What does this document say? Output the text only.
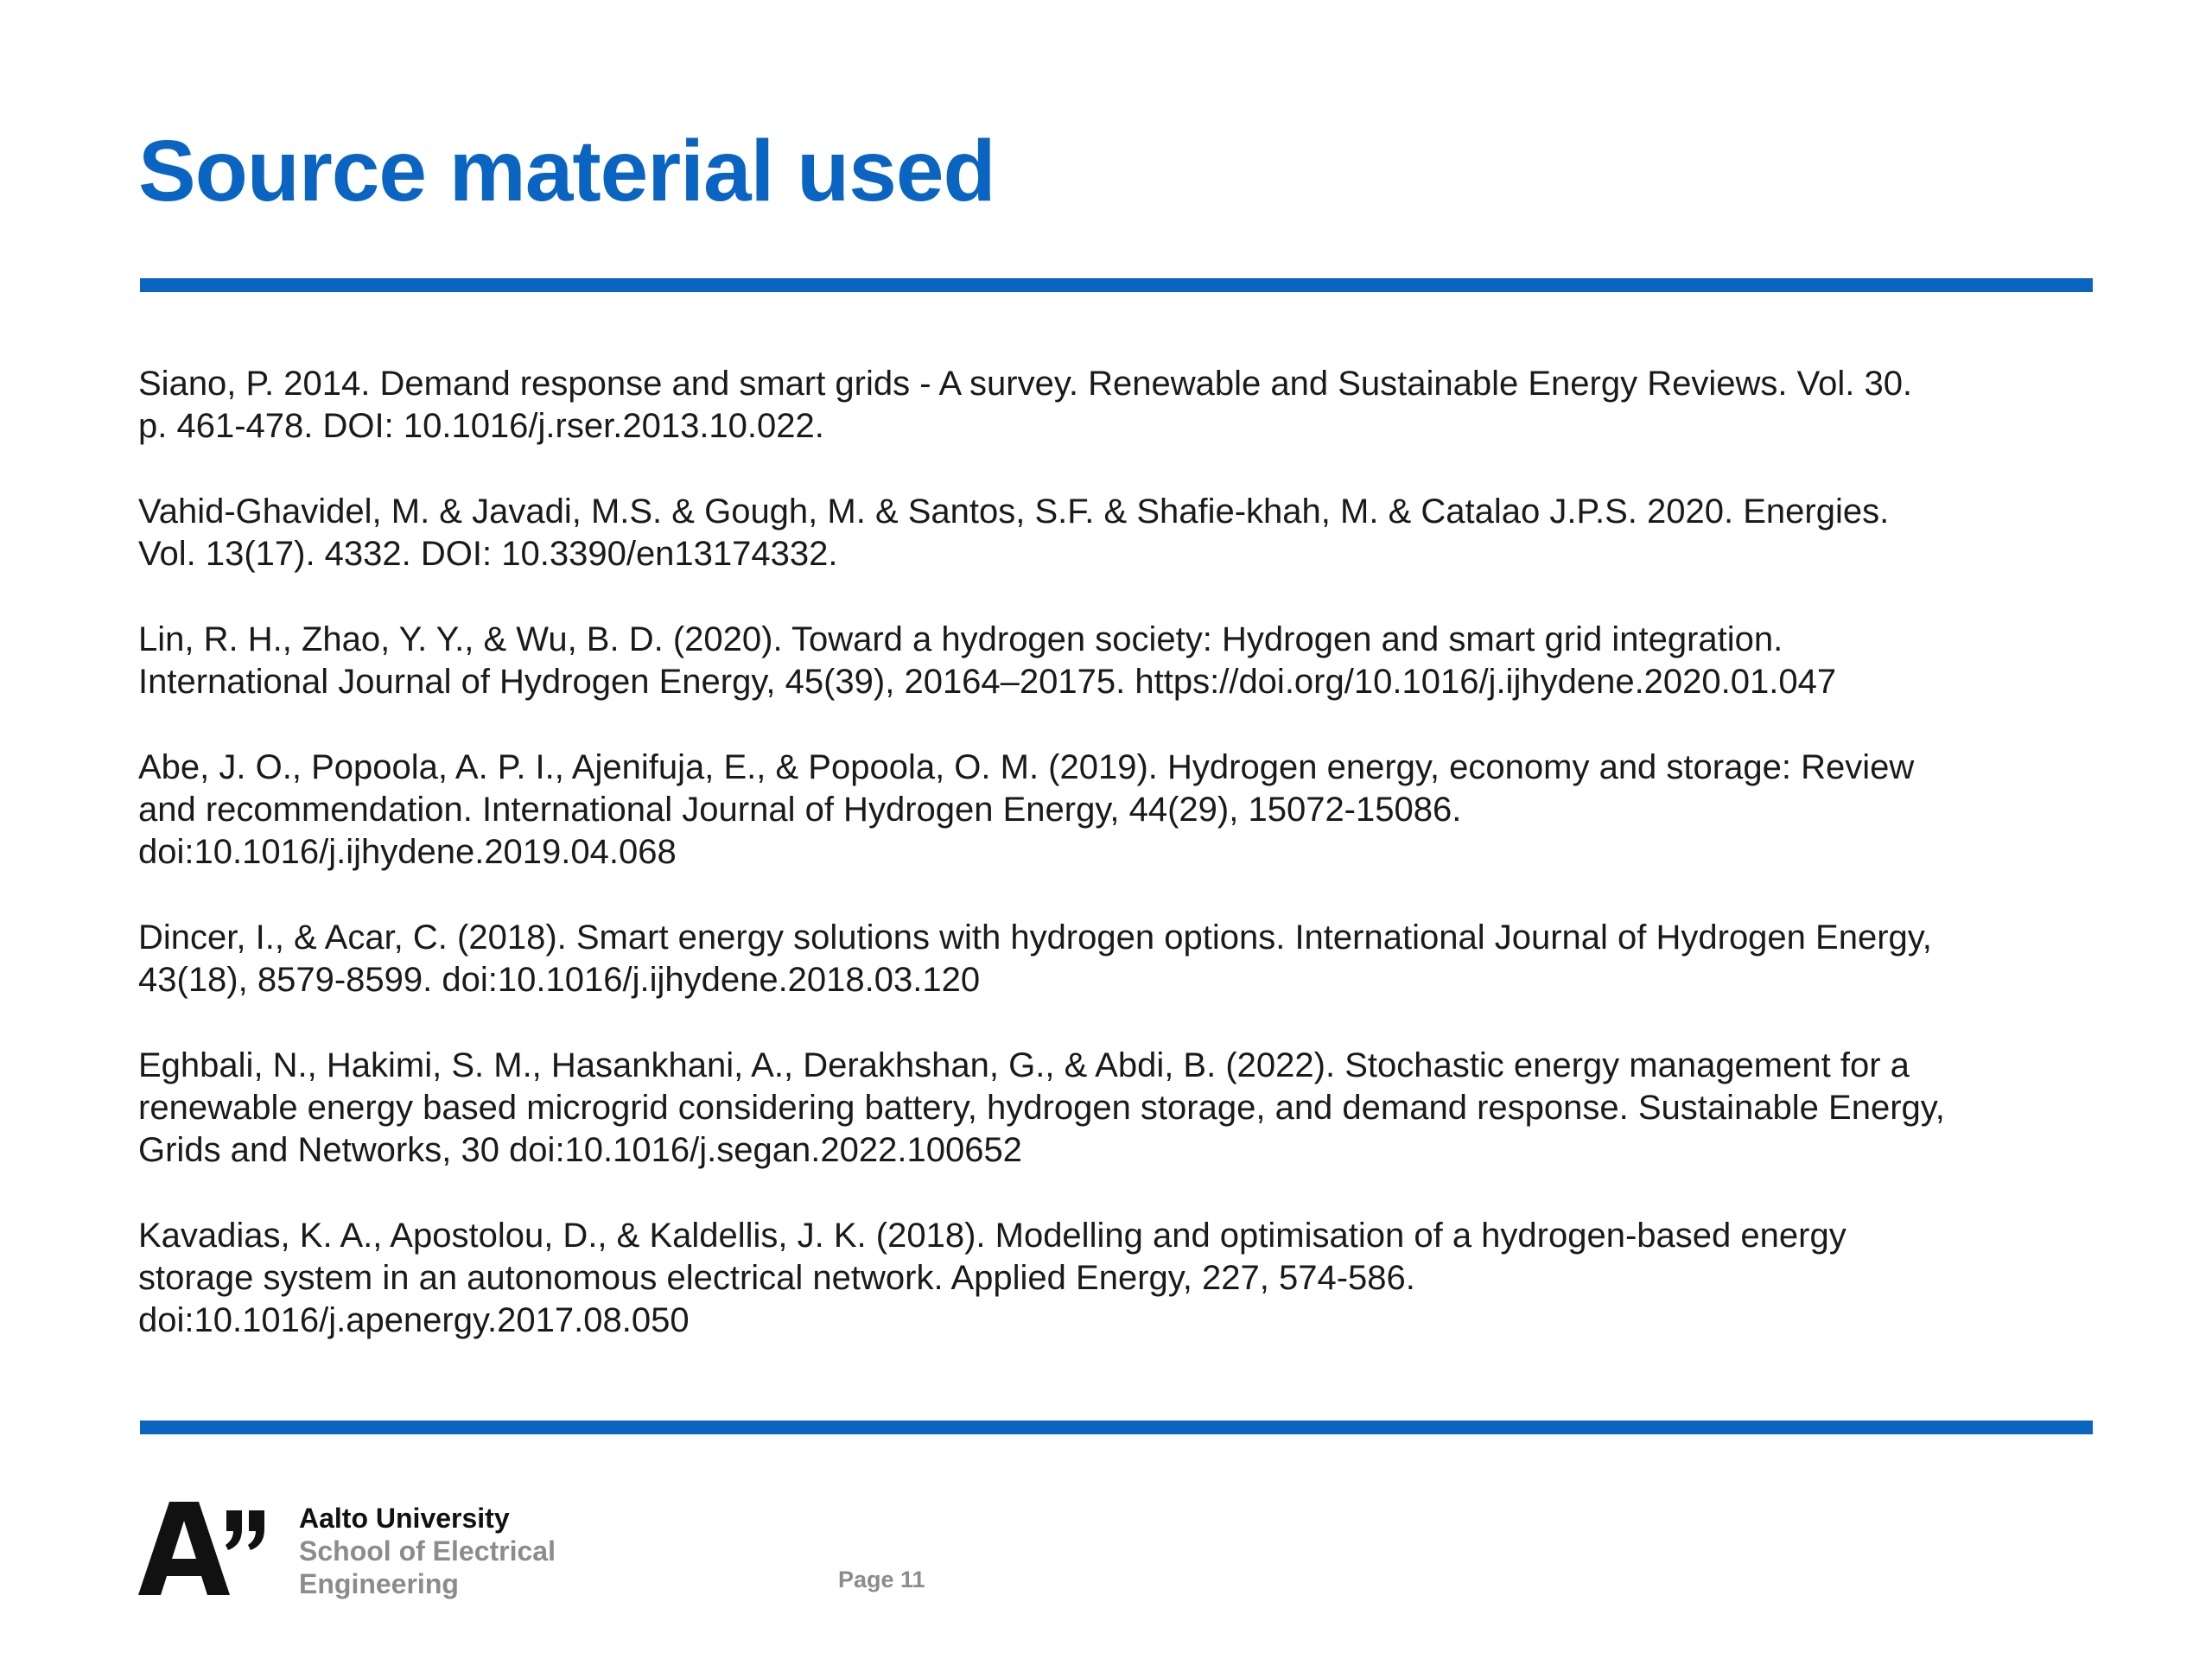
Source material used
Siano, P. 2014. Demand response and smart grids - A survey. Renewable and Sustainable Energy Reviews. Vol. 30.
p. 461-478. DOI: 10.1016/j.rser.2013.10.022.
Vahid-Ghavidel, M. & Javadi, M.S. & Gough, M. & Santos, S.F. & Shafie-khah, M. & Catalao J.P.S. 2020. Energies.
Vol. 13(17). 4332. DOI: 10.3390/en13174332.
Lin, R. H., Zhao, Y. Y., & Wu, B. D. (2020). Toward a hydrogen society: Hydrogen and smart grid integration.
International Journal of Hydrogen Energy, 45(39), 20164–20175. https://doi.org/10.1016/j.ijhydene.2020.01.047
Abe, J. O., Popoola, A. P. I., Ajenifuja, E., & Popoola, O. M. (2019). Hydrogen energy, economy and storage: Review
and recommendation. International Journal of Hydrogen Energy, 44(29), 15072-15086.
doi:10.1016/j.ijhydene.2019.04.068
Dincer, I., & Acar, C. (2018). Smart energy solutions with hydrogen options. International Journal of Hydrogen Energy,
43(18), 8579-8599. doi:10.1016/j.ijhydene.2018.03.120
Eghbali, N., Hakimi, S. M., Hasankhani, A., Derakhshan, G., & Abdi, B. (2022). Stochastic energy management for a
renewable energy based microgrid considering battery, hydrogen storage, and demand response. Sustainable Energy,
Grids and Networks, 30 doi:10.1016/j.segan.2022.100652
Kavadias, K. A., Apostolou, D., & Kaldellis, J. K. (2018). Modelling and optimisation of a hydrogen-based energy
storage system in an autonomous electrical network. Applied Energy, 227, 574-586.
doi:10.1016/j.apenergy.2017.08.050
Aalto University
School of Electrical
Engineering	Page 11
